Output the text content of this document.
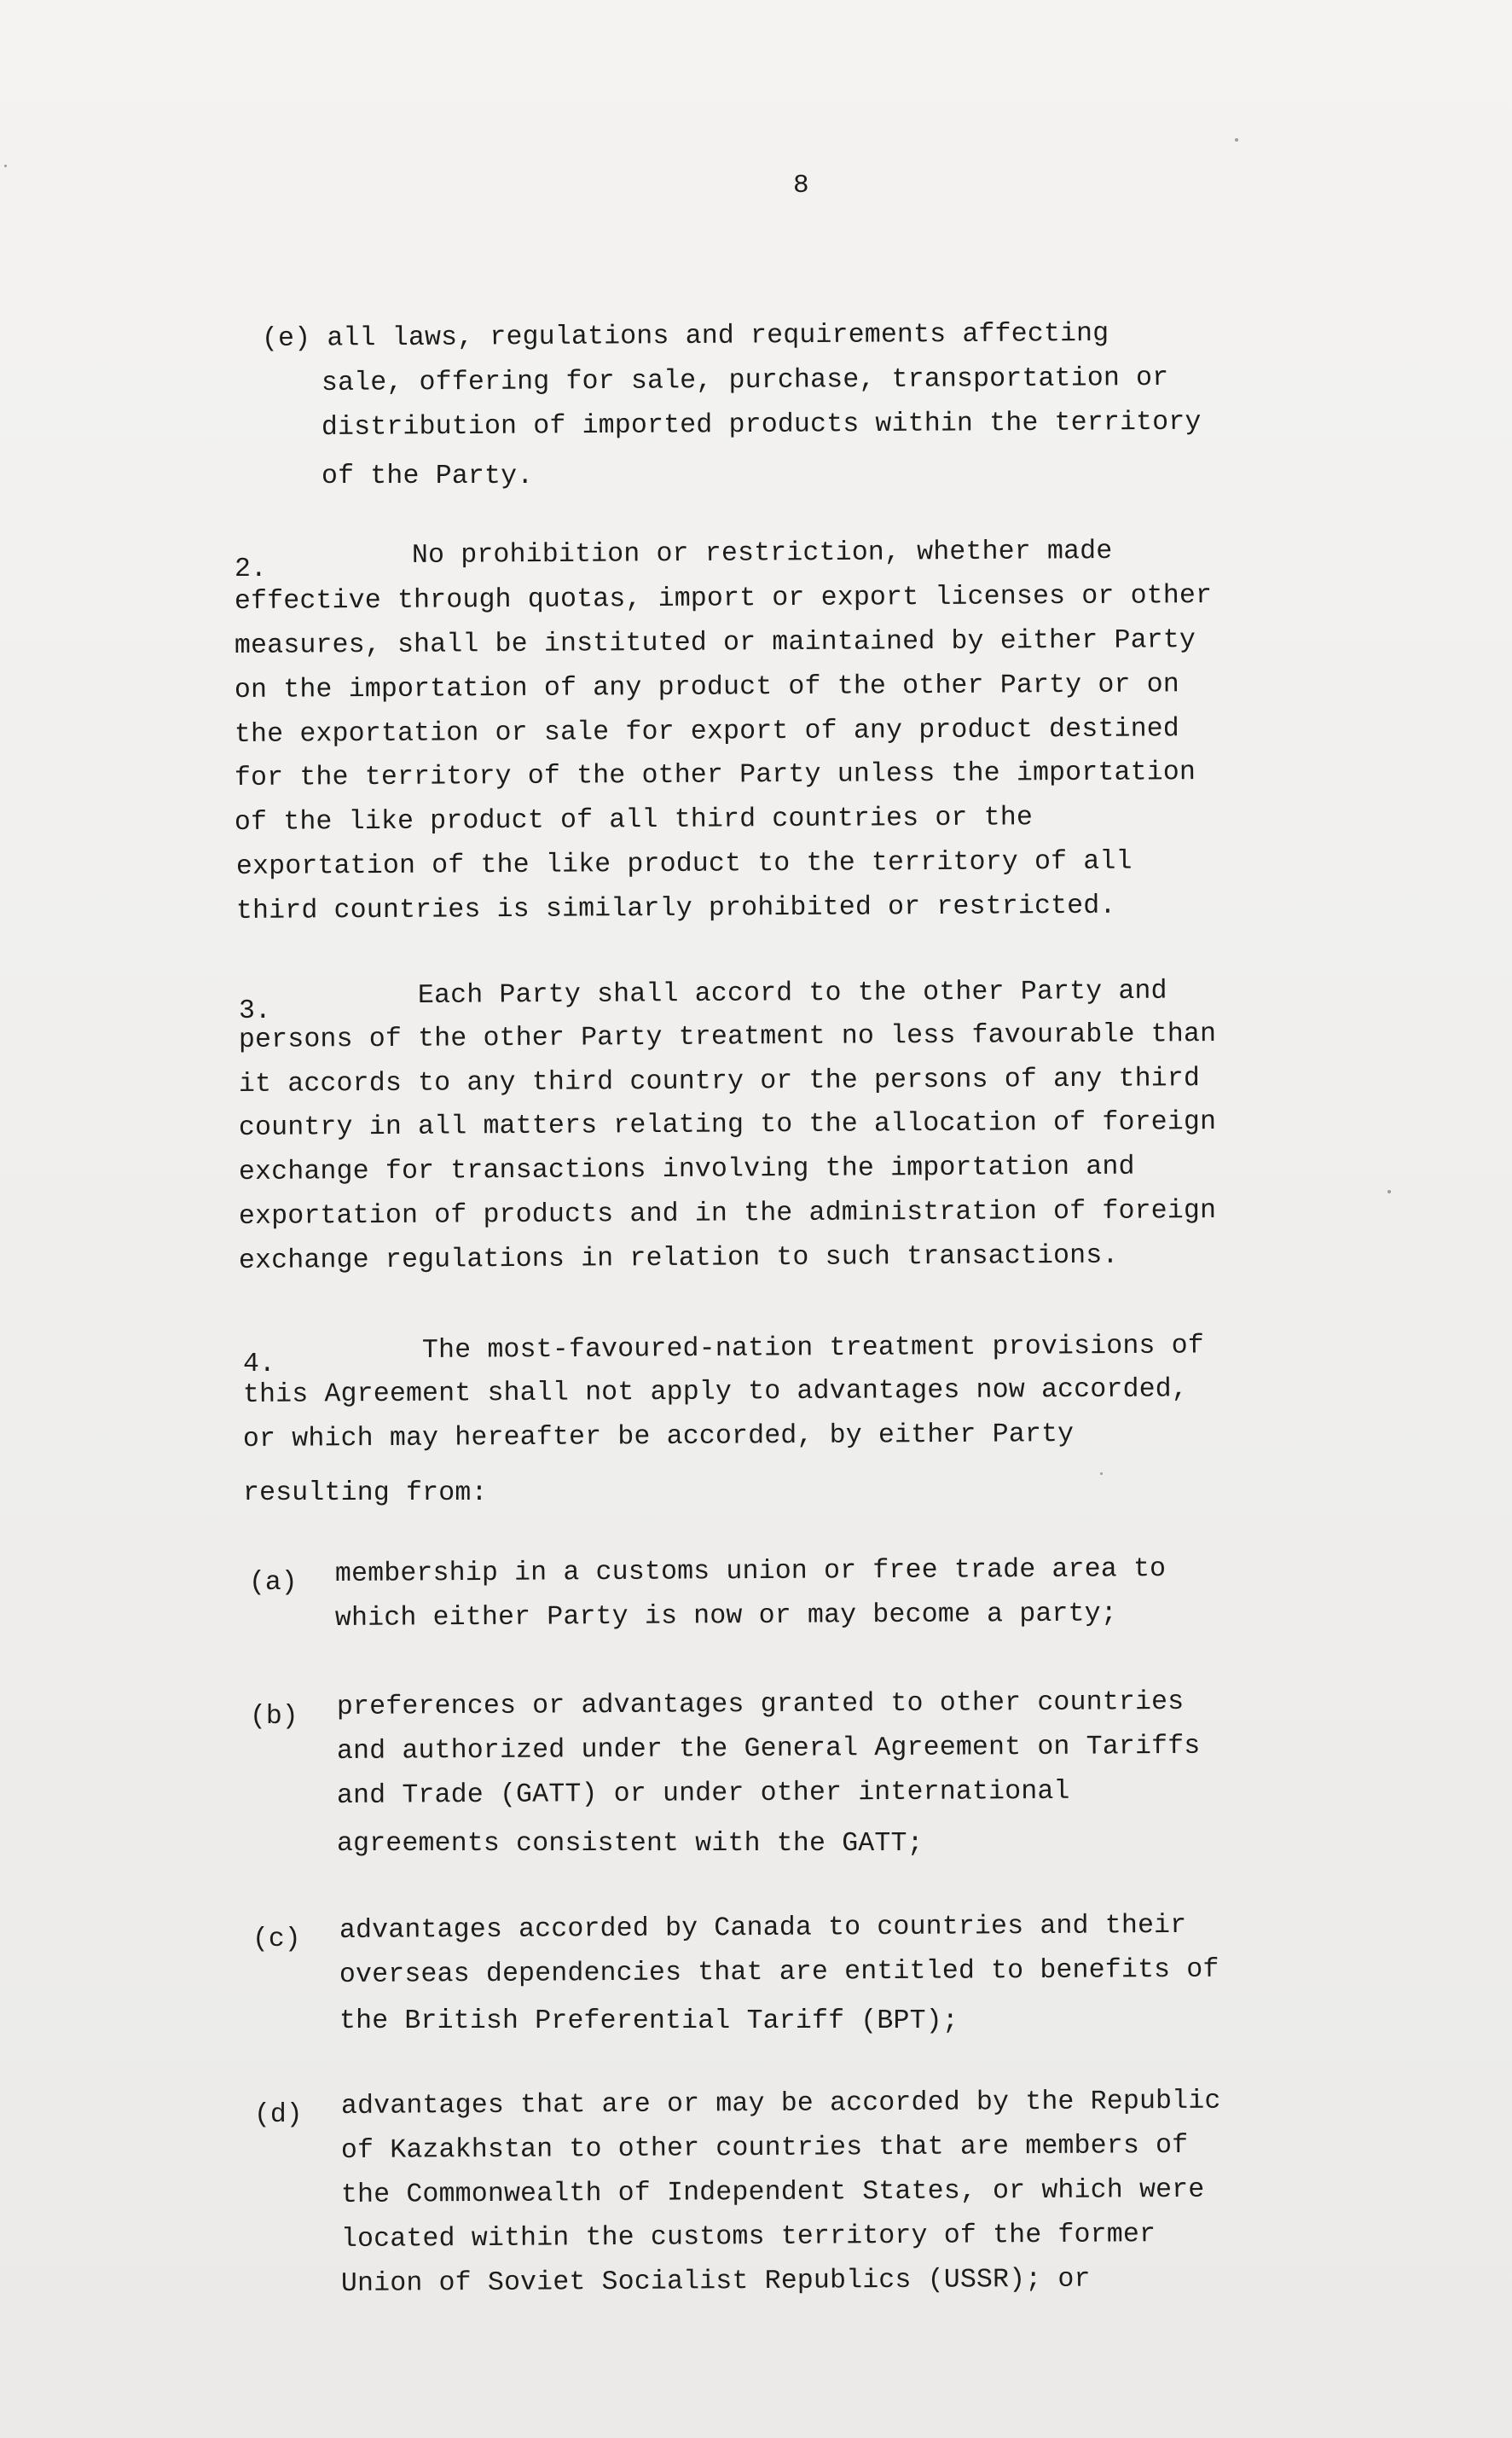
8
(e) all laws, regulations and requirements affecting
sale, offering for sale, purchase, transportation or
distribution of imported products within the territory
of the Party.
2.	No prohibition or restriction, whether made
effective through quotas, import or export licenses or other
measures, shall be instituted or maintained by either Party
on the importation of any product of the other Party or on
the exportation or sale for export of any product destined
for the territory of the other Party unless the importation
of the like product of all third countries or the
exportation of the like product to the territory of all
third countries is similarly prohibited or restricted.
3.
Each Party shall accord to the other Party and
persons of the other Party treatment no less favourable than
it accords to any third country or the persons of any third
country in all matters relating to the allocation of foreign
exchange for transactions involving the importation and
exportation of products and in the administration of foreign
exchange regulations in relation to such transactions.
4.	The most-favoured-nation treatment provisions of
this Agreement shall not apply to advantages now accorded,
or which may hereafter be accorded, by either Party
resulting from:
(a) membership in a customs union or free trade area to
which either Party is now or may become a party;
(b) preferences or advantages granted to other countries
and authorized under the General Agreement on Tariffs
and Trade (GATT) or under other international
agreements consistent with the GATT;
(c) advantages accorded by Canada to countries and their
overseas dependencies that are entitled to benefits of
the British Preferential Tariff (BPT);
(d) advantages that are or may be accorded by the Republic
of Kazakhstan to other countries that are members of
the Commonwealth of Independent States, or which were
located within the customs territory of the former
Union of Soviet Socialist Republics (USSR); or
